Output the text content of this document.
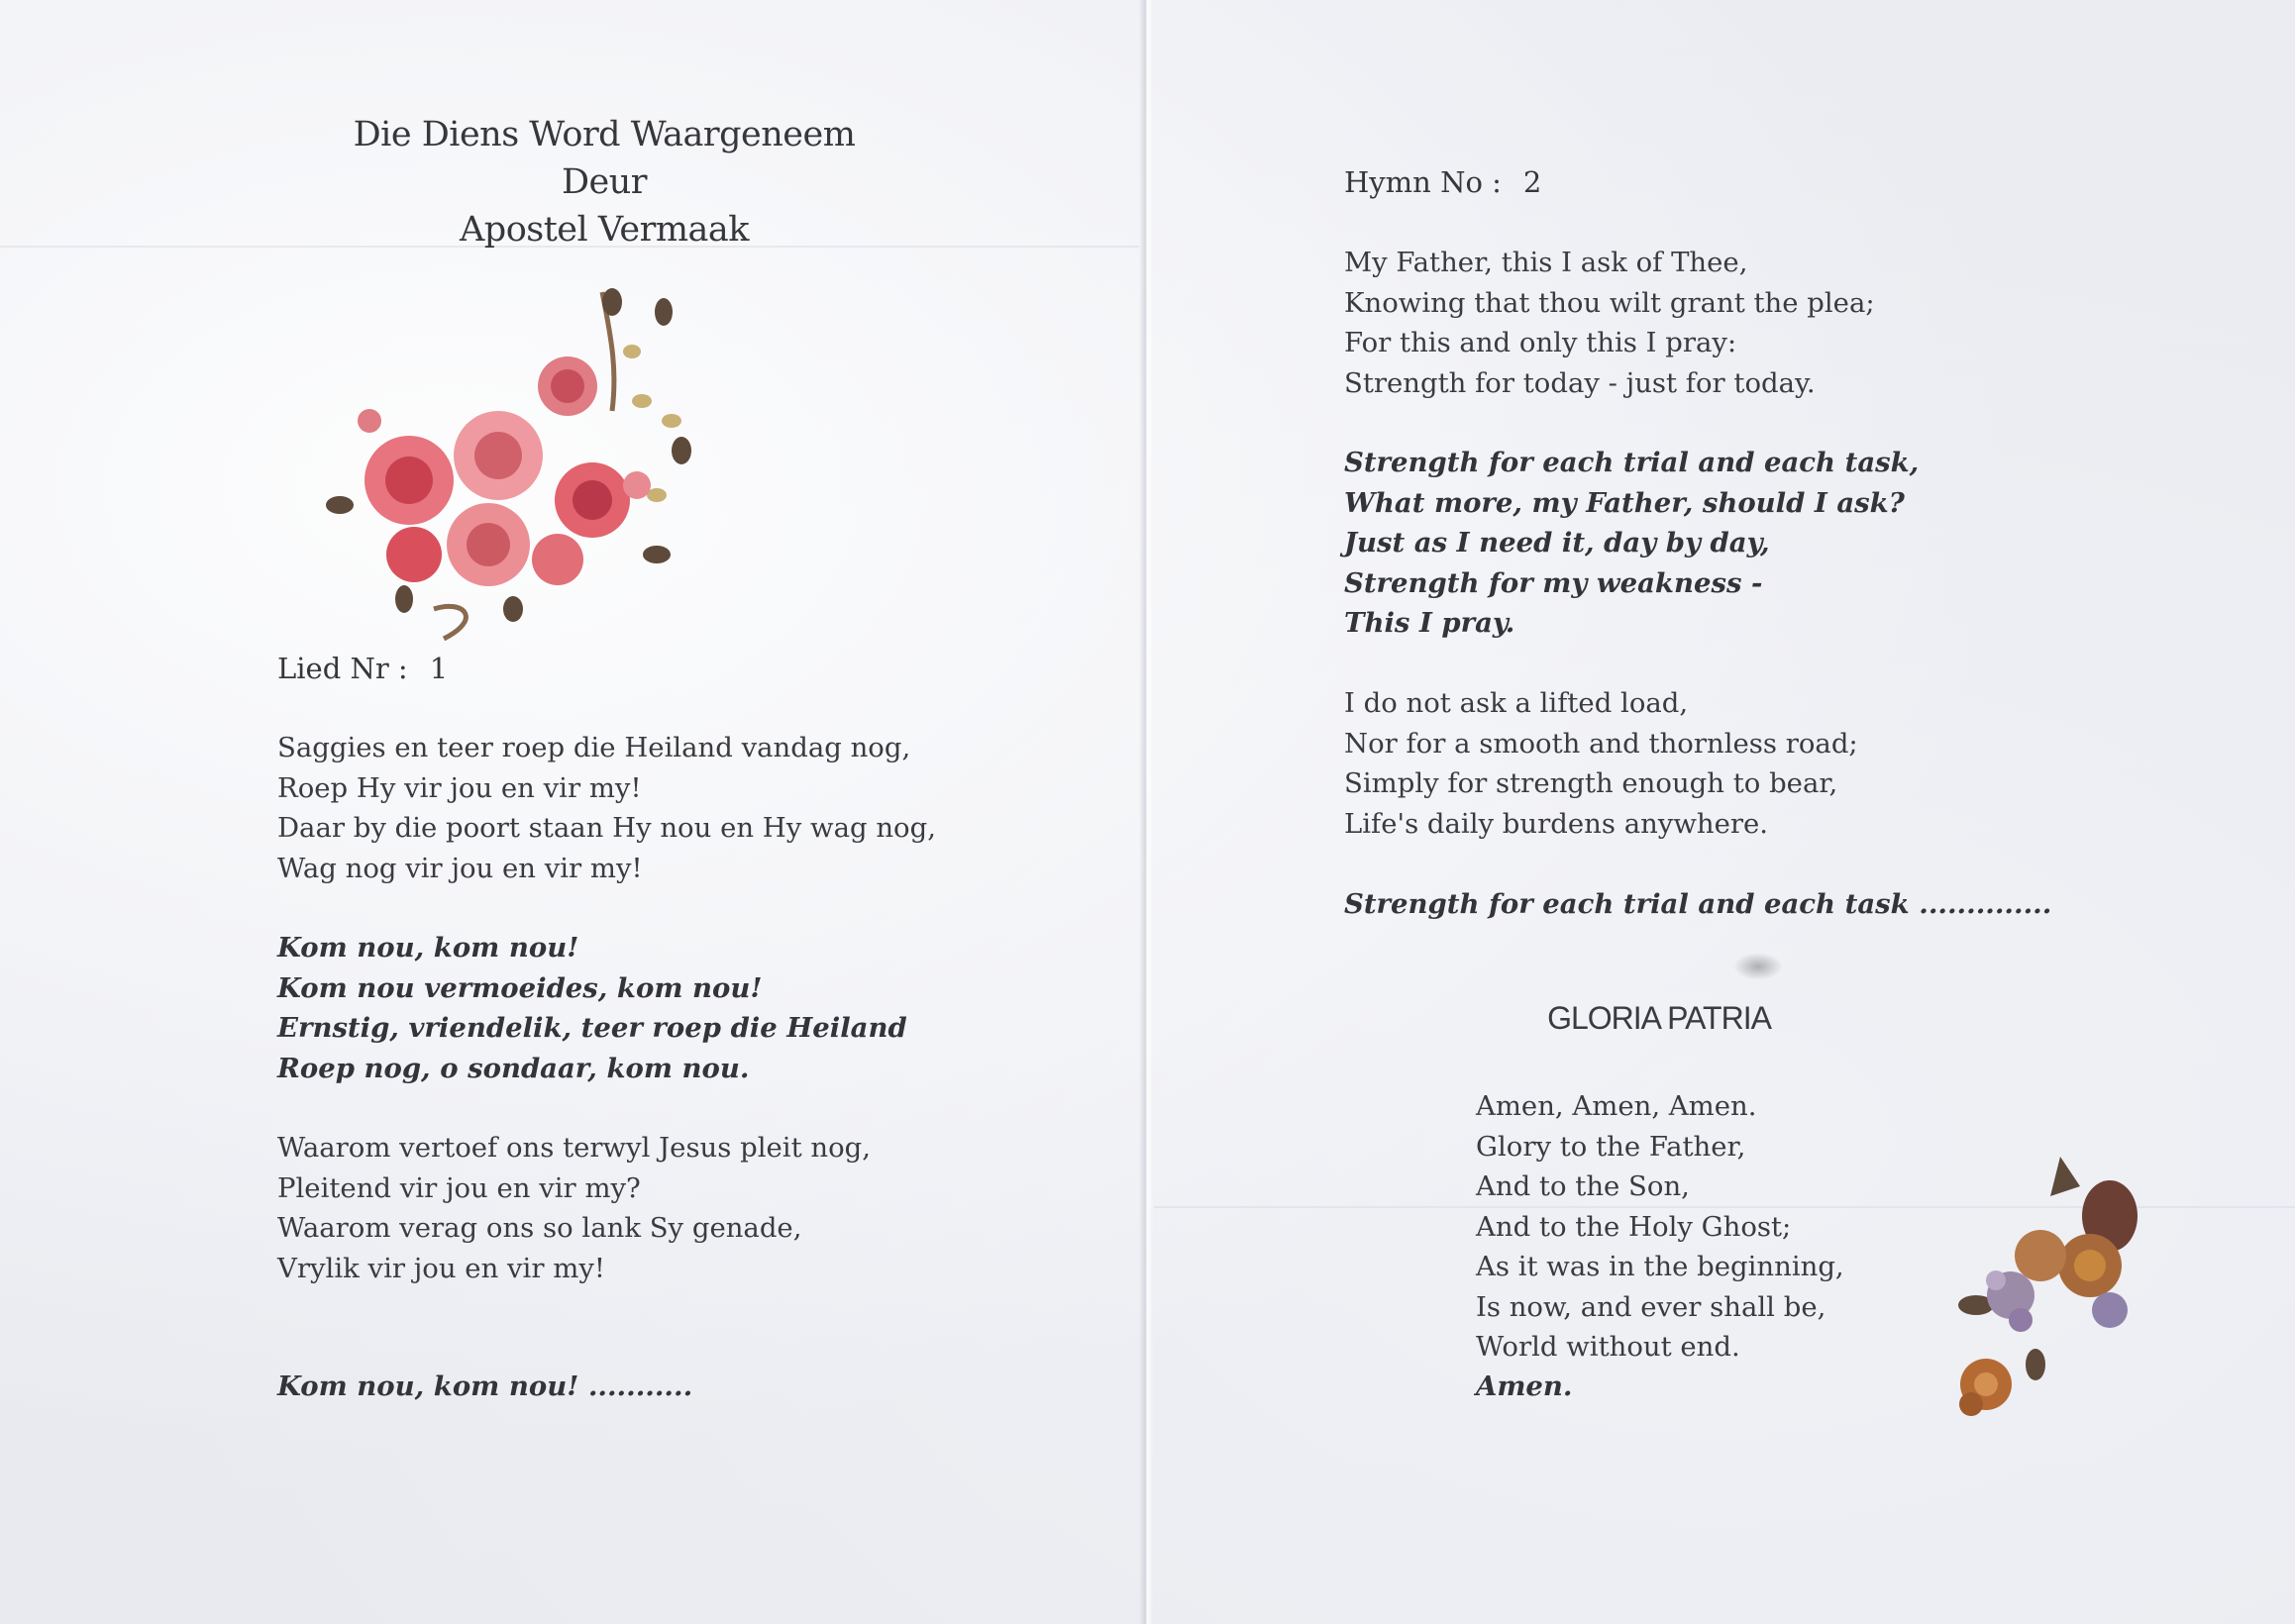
Die Diens Word Waargeneem
Deur
Apostel Vermaak
Lied Nr : 1
Saggies en teer roep die Heiland vandag nog,
Roep Hy vir jou en vir my!
Daar by die poort staan Hy nou en Hy wag nog,
Wag nog vir jou en vir my!
Kom nou, kom nou!
Kom nou vermoeides, kom nou!
Ernstig, vriendelik, teer roep die Heiland
Roep nog, o sondaar, kom nou.
Waarom vertoef ons terwyl Jesus pleit nog,
Pleitend vir jou en vir my?
Waarom verag ons so lank Sy genade,
Vrylik vir jou en vir my!
Kom nou, kom nou! ...........
Hymn No : 2
My Father, this I ask of Thee,
Knowing that thou wilt grant the plea;
For this and only this I pray:
Strength for today - just for today.
Strength for each trial and each task,
What more, my Father, should I ask?
Just as I need it, day by day,
Strength for my weakness -
This I pray.
I do not ask a lifted load,
Nor for a smooth and thornless road;
Simply for strength enough to bear,
Life's daily burdens anywhere.
Strength for each trial and each task ..............
GLORIA PATRIA
Amen, Amen, Amen.
Glory to the Father,
And to the Son,
And to the Holy Ghost;
As it was in the beginning,
Is now, and ever shall be,
World without end.
Amen.
